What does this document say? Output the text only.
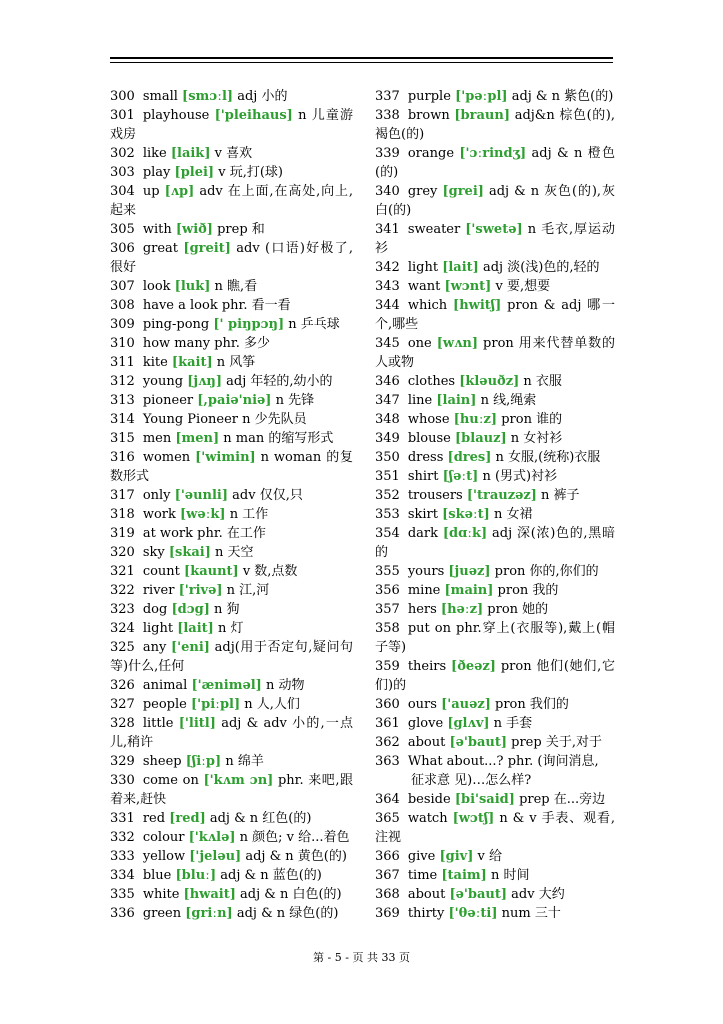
300 small [smɔːl] adj 小的

301 playhouse ['pleihaus] n 儿童游戏房

302 like [laik] v 喜欢

303 play [plei] v 玩,打(球)

304 up [ʌp] adv 在上面,在高处,向上,起来

305 with [wið] prep 和

306 great [greit] adv (口语)好极了,很好

307 look [luk] n 瞧,看

308 have a look phr. 看一看

309 ping-pong [' piŋpɔŋ] n 乒乓球

310 how many phr. 多少

311 kite [kait] n 风筝

312 young [jʌŋ] adj 年轻的,幼小的

313 pioneer [,paiə'niə] n 先锋

314 Young Pioneer n 少先队员

315 men [men] n man 的缩写形式

316 women ['wimin] n woman 的复数形式

317 only ['əunli] adv 仅仅,只

318 work [wəːk] n 工作

319 at work phr. 在工作

320 sky [skai] n 天空

321 count [kaunt] v 数,点数

322 river ['rivə] n 江,河

323 dog [dɔg] n 狗

324 light [lait] n 灯

325 any ['eni] adj(用于否定句,疑问句等)什么,任何

326 animal ['æniməl] n 动物

327 people ['piːpl] n 人,人们

328 little ['litl] adj & adv 小的,一点儿,稍许

329 sheep [ʃiːp] n 绵羊

330 come on ['kʌm ɔn] phr. 来吧,跟着来,赶快

331 red [red] adj & n 红色(的)

332 colour ['kʌlə] n 颜色; v 给...着色

333 yellow ['jeləu] adj & n 黄色(的)

334 blue [bluː] adj & n 蓝色(的)

335 white [hwait] adj & n 白色(的)

336 green [griːn] adj & n 绿色(的)

337 purple ['pəːpl] adj & n 紫色(的)

338 brown [braun] adj&n 棕色(的),褐色(的)

339 orange ['ɔːrindʒ] adj & n 橙色(的)

340 grey [grei] adj & n 灰色(的),灰白(的)

341 sweater ['swetə] n 毛衣,厚运动衫

342 light [lait] adj 淡(浅)色的,轻的

343 want [wɔnt] v 要,想要

344 which [hwitʃ] pron & adj 哪一个,哪些

345 one [wʌn] pron 用来代替单数的人或物

346 clothes [kləuðz] n 衣服

347 line [lain] n 线,绳索

348 whose [huːz] pron 谁的

349 blouse [blauz] n 女衬衫

350 dress [dres] n 女服,(统称)衣服

351 shirt [ʃəːt] n (男式)衬衫

352 trousers ['trauzəz] n 裤子

353 skirt [skəːt] n 女裙

354 dark [dɑːk] adj 深(浓)色的,黑暗的

355 yours [juəz] pron 你的,你们的

356 mine [main] pron 我的

357 hers [həːz] pron 她的

358 put on phr.穿上(衣服等),戴上(帽子等)

359 theirs [ðeəz] pron 他们(她们,它们)的

360 ours ['auəz] pron 我们的

361 glove [glʌv] n 手套

362 about [ə'baut] prep 关于,对于

363 What about...? phr. (询问消息,
征求意 见)…怎么样?

364 beside [bi'said] prep 在...旁边

365 watch [wɔtʃ] n & v 手表、观看,注视

366 give [giv] v 给

367 time [taim] n 时间

368 about [ə'baut] adv 大约

369 thirty ['θəːti] num 三十

第 - 5 - 页 共 33 页
